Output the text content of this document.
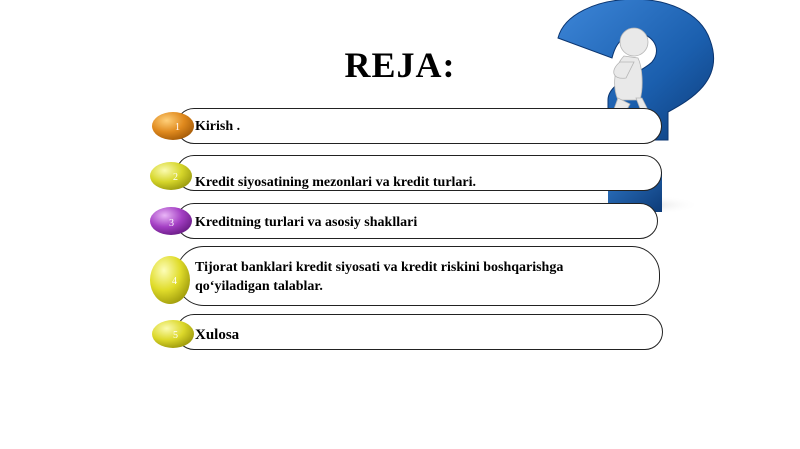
REJA:
Kirish .
1
Kredit siyosatining mezonlari va kredit turlari.
2
Kreditning turlari va asosiy shakllari
3
Tijorat banklari kredit siyosati va kredit riskini boshqarishga qo‘yiladigan talablar.
4
Xulosa
5
